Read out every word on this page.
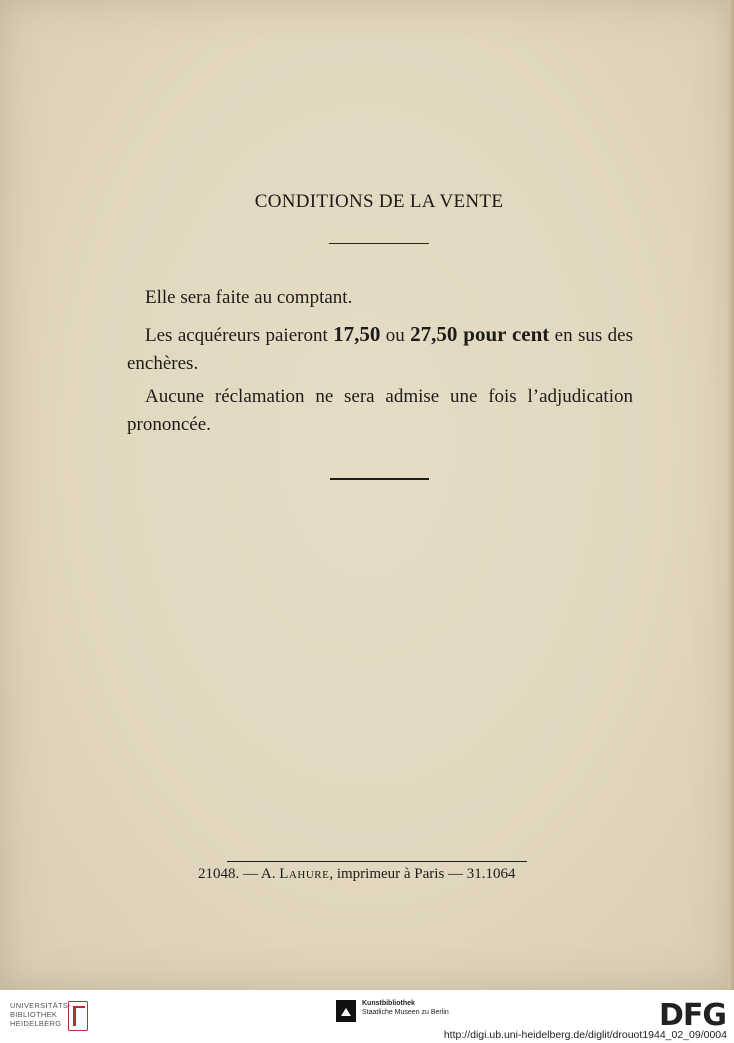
CONDITIONS DE LA VENTE
Elle sera faite au comptant.
Les acquéreurs paieront 17,50 ou 27,50 pour cent en sus des enchères.
Aucune réclamation ne sera admise une fois l’adjudication prononcée.
21048. — A. Lahure, imprimeur à Paris — 31.1064
UNIVERSITÄTS-
BIBLIOTHEK
HEIDELBERG
Kunstbibliothek
Staatliche Museen zu Berlin	DFG
http://digi.ub.uni-heidelberg.de/diglit/drouot1944_02_09/0004
